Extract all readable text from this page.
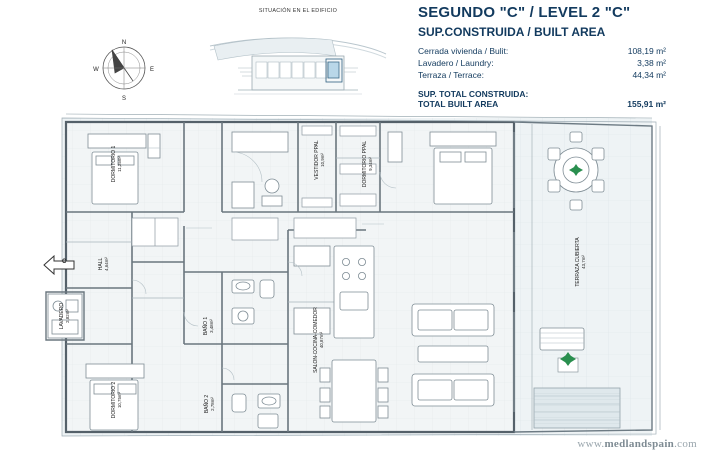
SEGUNDO "C" / LEVEL 2 "C"
SUP.CONSTRUIDA / BUILT AREA
Cerrada vivienda / Bulit:	108,19 m²
Lavadero / Laundry:	3,38 m²
Terraza / Terrace:	44,34 m²
SUP. TOTAL CONSTRUIDA:

TOTAL BUILT AREA	155,91 m²
N
S
E
W
SITUACIÓN EN EL EDIFICIO
DORMITORIO 1 11,25m²	VESTIDOR PPAL 10,9m²	DORMITORIO PPAL 9,34m²
TERRAZA CUBIERTA 43,7m²
HALL 4,64m²
LAVADERO 2,82m²
BAÑO 1 3,48m²
BAÑO 2 2,78m²
DORMITORIO 2 10,75m²
SALON-COCINA-COMEDOR 40,87m²
C
www.medlandspain.com
